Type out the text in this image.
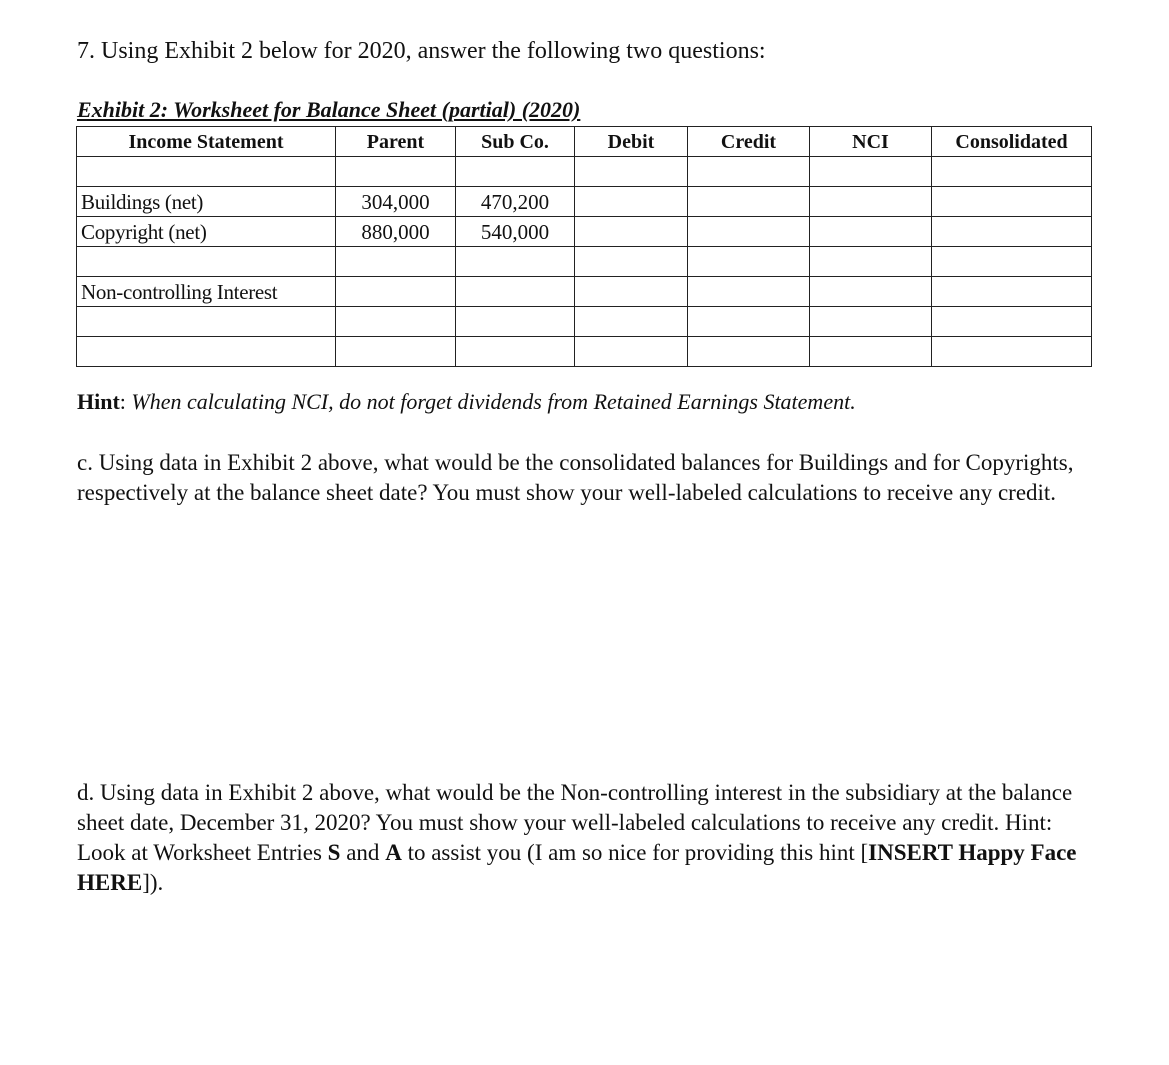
7. Using Exhibit 2 below for 2020, answer the following two questions:

Exhibit 2: Worksheet for Balance Sheet (partial) (2020)
Income Statement	Parent	Sub Co.	Debit	Credit	NCI	Consolidated

Buildings (net)	304,000	470,200				
Copyright (net)	880,000	540,000				

Non-controlling Interest						

Hint: When calculating NCI, do not forget dividends from Retained Earnings Statement.

c. Using data in Exhibit 2 above, what would be the consolidated balances for Buildings and for Copyrights, respectively at the balance sheet date? You must show your well-labeled calculations to receive any credit.

d. Using data in Exhibit 2 above, what would be the Non-controlling interest in the subsidiary at the balance sheet date, December 31, 2020? You must show your well-labeled calculations to receive any credit. Hint: Look at Worksheet Entries S and A to assist you (I am so nice for providing this hint [INSERT Happy Face HERE]).
